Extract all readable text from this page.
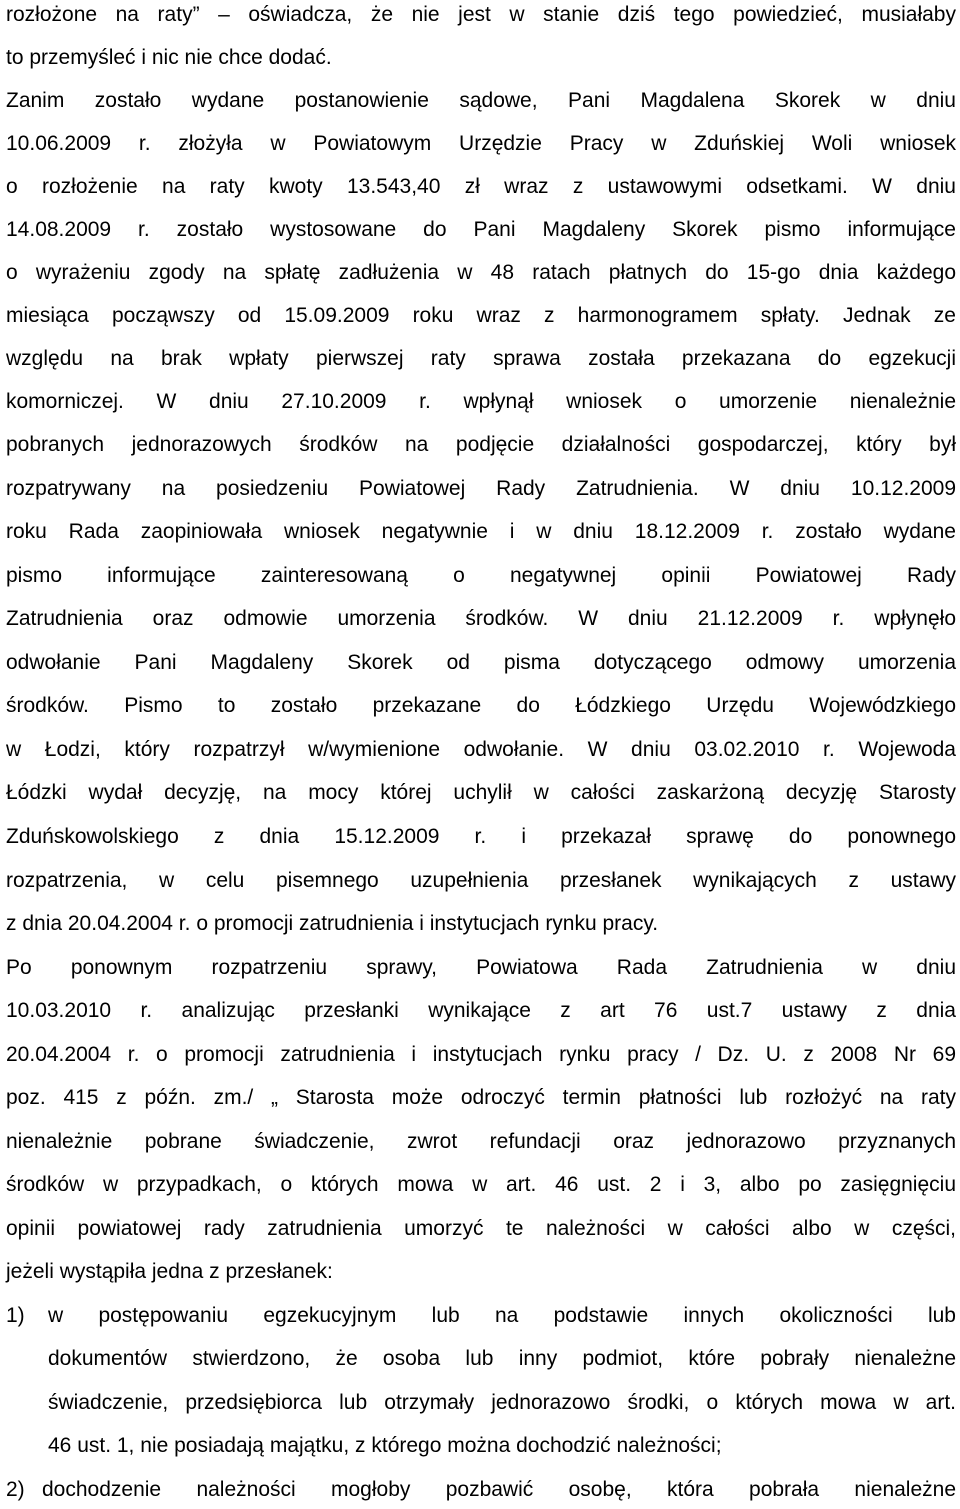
rozłożone na raty” – oświadcza, że nie jest w stanie dziś tego powiedzieć, musiałaby
to przemyśleć i nic nie chce dodać.
Zanim zostało wydane postanowienie sądowe, Pani Magdalena Skorek w dniu
10.06.2009 r. złożyła w Powiatowym Urzędzie Pracy w Zduńskiej Woli wniosek
o rozłożenie na raty kwoty 13.543,40 zł wraz z ustawowymi odsetkami. W dniu
14.08.2009 r. zostało wystosowane do Pani Magdaleny Skorek pismo informujące
o wyrażeniu zgody na spłatę zadłużenia w 48 ratach płatnych do 15-go dnia każdego
miesiąca począwszy od 15.09.2009 roku wraz z harmonogramem spłaty. Jednak ze
względu na brak wpłaty pierwszej raty sprawa została przekazana do egzekucji
komorniczej. W dniu 27.10.2009 r. wpłynął wniosek o umorzenie nienależnie
pobranych jednorazowych środków na podjęcie działalności gospodarczej, który był
rozpatrywany na posiedzeniu Powiatowej Rady Zatrudnienia. W dniu 10.12.2009
roku Rada zaopiniowała wniosek negatywnie i w dniu 18.12.2009 r. zostało wydane
pismo informujące zainteresowaną o negatywnej opinii Powiatowej Rady
Zatrudnienia oraz odmowie umorzenia środków. W dniu 21.12.2009 r. wpłynęło
odwołanie Pani Magdaleny Skorek od pisma dotyczącego odmowy umorzenia
środków. Pismo to zostało przekazane do Łódzkiego Urzędu Wojewódzkiego
w Łodzi, który rozpatrzył w/wymienione odwołanie. W dniu 03.02.2010 r. Wojewoda
Łódzki wydał decyzję, na mocy której uchylił w całości zaskarżoną decyzję Starosty
Zduńskowolskiego z dnia 15.12.2009 r. i przekazał sprawę do ponownego
rozpatrzenia, w celu pisemnego uzupełnienia przesłanek wynikających z ustawy
z dnia 20.04.2004 r. o promocji zatrudnienia i instytucjach rynku pracy.
Po ponownym rozpatrzeniu sprawy, Powiatowa Rada Zatrudnienia w dniu
10.03.2010 r. analizując przesłanki wynikające z art 76 ust.7 ustawy z dnia
20.04.2004 r. o promocji zatrudnienia i instytucjach rynku pracy / Dz. U. z 2008 Nr 69
poz. 415 z późn. zm./ „ Starosta może odroczyć termin płatności lub rozłożyć na raty
nienależnie pobrane świadczenie, zwrot refundacji oraz jednorazowo przyznanych
środków w przypadkach, o których mowa w art. 46 ust. 2 i 3, albo po zasięgnięciu
opinii powiatowej rady zatrudnienia umorzyć te należności w całości albo w części,
jeżeli wystąpiła jedna z przesłanek:
1)	w postępowaniu egzekucyjnym lub na podstawie innych okoliczności lub
dokumentów stwierdzono, że osoba lub inny podmiot, które pobrały nienależne
świadczenie, przedsiębiorca lub otrzymały jednorazowo środki, o których mowa w art.
46 ust. 1, nie posiadają majątku, z którego można dochodzić należności;
2) dochodzenie należności mogłoby pozbawić osobę, która pobrała nienależne
